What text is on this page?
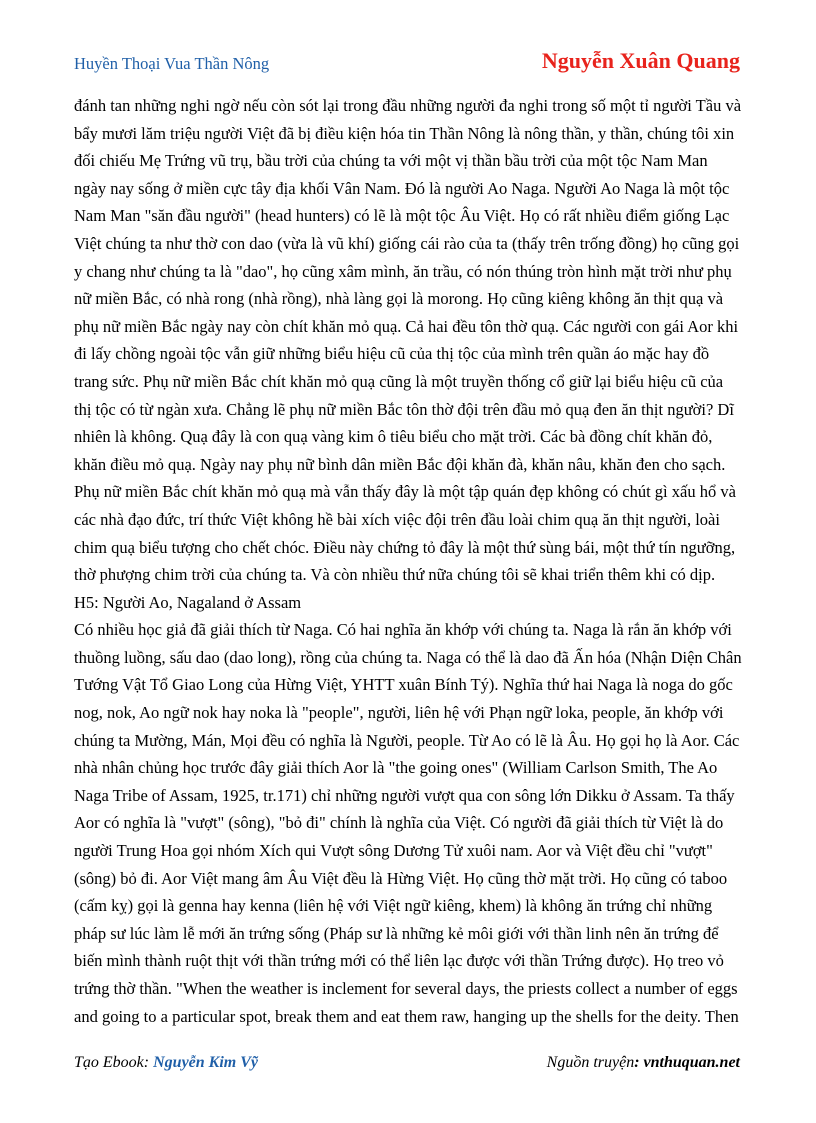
Huyền Thoại Vua Thần Nông	Nguyễn Xuân Quang

đánh tan những nghi ngờ nếu còn sót lại trong đầu những người đa nghi trong số một tỉ người Tầu và

bẩy mươi lăm triệu người Việt đã bị điều kiện hóa tin Thần Nông là nông thần, y thần, chúng tôi xin

đối chiếu Mẹ Trứng vũ trụ, bầu trời của chúng ta với một vị thần bầu trời của một tộc Nam Man

ngày nay sống ở miền cực tây địa khối Vân Nam. Đó là người Ao Naga. Người Ao Naga là một tộc

Nam Man "săn đầu người" (head hunters) có lẽ là một tộc Âu Việt. Họ có rất nhiều điểm giống Lạc

Việt chúng ta như thờ con dao (vừa là vũ khí) giống cái rào của ta (thấy trên trống đồng) họ cũng gọi

y chang như chúng ta là "dao", họ cũng xâm mình, ăn trầu, có nón thúng tròn hình mặt trời như phụ

nữ miền Bắc, có nhà rong (nhà rồng), nhà làng gọi là morong. Họ cũng kiêng không ăn thịt quạ và

phụ nữ miền Bắc ngày nay còn chít khăn mỏ quạ. Cả hai đều tôn thờ quạ. Các người con gái Aor khi

đi lấy chồng ngoài tộc vẫn giữ những biểu hiệu cũ của thị tộc của mình trên quần áo mặc hay đồ

trang sức. Phụ nữ miền Bắc chít khăn mỏ quạ cũng là một truyền thống cổ giữ lại biểu hiệu cũ của

thị tộc có từ ngàn xưa. Chẳng lẽ phụ nữ miền Bắc tôn thờ đội trên đầu mỏ quạ đen ăn thịt người? Dĩ

nhiên là không. Quạ đây là con quạ vàng kim ô tiêu biểu cho mặt trời. Các bà đồng chít khăn đỏ,

khăn điều mỏ quạ. Ngày nay phụ nữ bình dân miền Bắc đội khăn đà, khăn nâu, khăn đen cho sạch.

Phụ nữ miền Bắc chít khăn mỏ quạ mà vẫn thấy đây là một tập quán đẹp không có chút gì xấu hổ và

các nhà đạo đức, trí thức Việt không hề bài xích việc đội trên đầu loài chim quạ ăn thịt người, loài

chim quạ biểu tượng cho chết chóc. Điều này chứng tỏ đây là một thứ sùng bái, một thứ tín ngưỡng,

thờ phượng chim trời của chúng ta. Và còn nhiều thứ nữa chúng tôi sẽ khai triển thêm khi có dịp.

H5: Người Ao, Nagaland ở Assam

Có nhiều học giả đã giải thích từ Naga. Có hai nghĩa ăn khớp với chúng ta. Naga là rắn ăn khớp với

thuồng luồng, sấu dao (dao long), rồng của chúng ta. Naga có thể là dao đã Ấn hóa (Nhận Diện Chân

Tướng Vật Tổ Giao Long của Hừng Việt, YHTT xuân Bính Tý). Nghĩa thứ hai Naga là noga do gốc

nog, nok, Ao ngữ nok hay noka là "people", người, liên hệ với Phạn ngữ loka, people, ăn khớp với

chúng ta Mường, Mán, Mọi đều có nghĩa là Người, people. Từ Ao có lẽ là Âu. Họ gọi họ là Aor. Các

nhà nhân chủng học trước đây giải thích Aor là "the going ones" (William Carlson Smith, The Ao

Naga Tribe of Assam, 1925, tr.171) chỉ những người vượt qua con sông lớn Dikku ở Assam. Ta thấy

Aor có nghĩa là "vượt" (sông), "bỏ đi" chính là nghĩa của Việt. Có người đã giải thích từ Việt là do

người Trung Hoa gọi nhóm Xích qui Vượt sông Dương Tử xuôi nam. Aor và Việt đều chỉ "vượt"

(sông) bỏ đi. Aor Việt mang âm Âu Việt đều là Hừng Việt. Họ cũng thờ mặt trời. Họ cũng có taboo

(cấm kỵ) gọi là genna hay kenna (liên hệ với Việt ngữ kiêng, khem) là không ăn trứng chỉ những

pháp sư lúc làm lễ mới ăn trứng sống (Pháp sư là những kẻ môi giới với thần linh nên ăn trứng để

biến mình thành ruột thịt với thần trứng mới có thể liên lạc được với thần Trứng được). Họ treo vỏ

trứng thờ thần. "When the weather is inclement for several days, the priests collect a number of eggs

and going to a particular spot, break them and eat them raw, hanging up the shells for the deity. Then

Tạo Ebook: Nguyễn Kim Vỹ	Nguồn truyện: vnthuquan.net
